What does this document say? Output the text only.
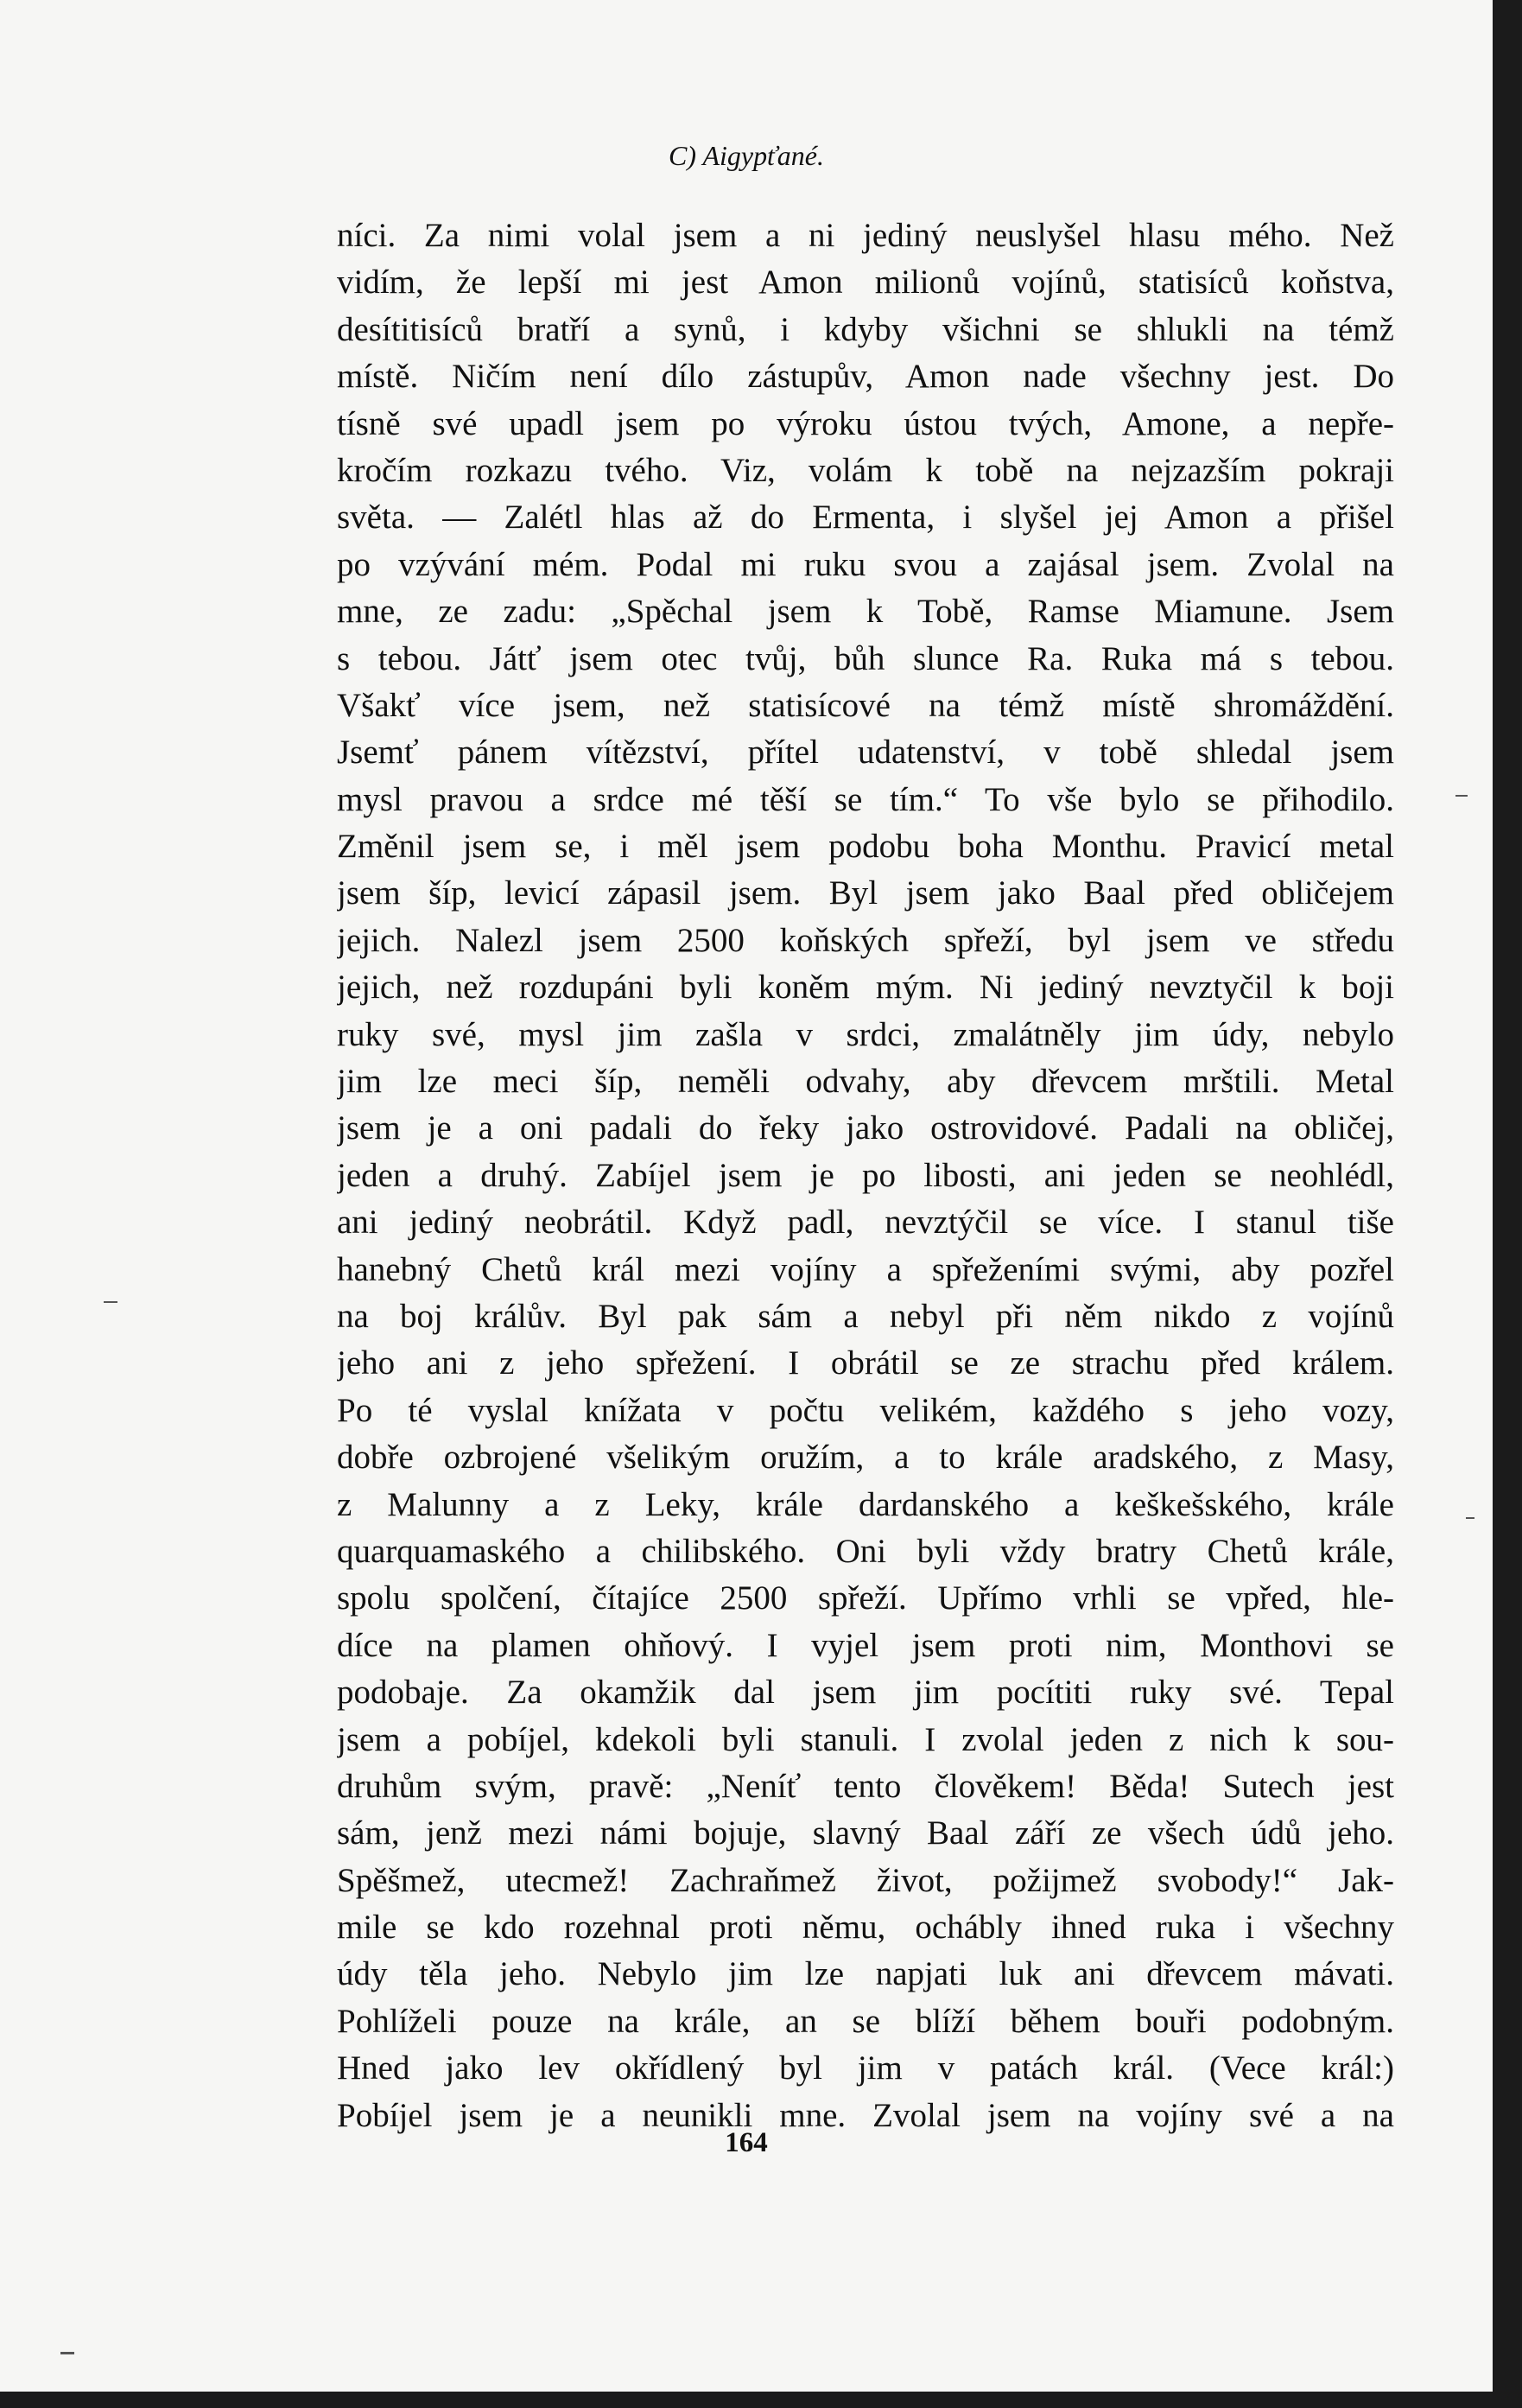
C) Aigypťané.
níci. Za nimi volal jsem a ni jediný neuslyšel hlasu mého. Než
vidím, že lepší mi jest Amon milionů vojínů, statisíců koňstva,
desítitisíců bratří a synů, i kdyby všichni se shlukli na témž
místě. Ničím není dílo zástupův, Amon nade všechny jest. Do
tísně své upadl jsem po výroku ústou tvých, Amone, a nepře-
kročím rozkazu tvého. Viz, volám k tobě na nejzazším pokraji
světa. — Zalétl hlas až do Ermenta, i slyšel jej Amon a přišel
po vzývání mém. Podal mi ruku svou a zajásal jsem. Zvolal na
mne, ze zadu: „Spěchal jsem k Tobě, Ramse Miamune. Jsem
s tebou. Játť jsem otec tvůj, bůh slunce Ra. Ruka má s tebou.
Všakť více jsem, než statisícové na témž místě shromáždění.
Jsemť pánem vítězství, přítel udatenství, v tobě shledal jsem
mysl pravou a srdce mé těší se tím.“ To vše bylo se přihodilo.
Změnil jsem se, i měl jsem podobu boha Monthu. Pravicí metal
jsem šíp, levicí zápasil jsem. Byl jsem jako Baal před obličejem
jejich. Nalezl jsem 2500 koňských spřeží, byl jsem ve středu
jejich, než rozdupáni byli koněm mým. Ni jediný nevztyčil k boji
ruky své, mysl jim zašla v srdci, zmalátněly jim údy, nebylo
jim lze meci šíp, neměli odvahy, aby dřevcem mrštili. Metal
jsem je a oni padali do řeky jako ostrovidové. Padali na obličej,
jeden a druhý. Zabíjel jsem je po libosti, ani jeden se neohlédl,
ani jediný neobrátil. Když padl, nevztýčil se více. I stanul tiše
hanebný Chetů král mezi vojíny a spřeženími svými, aby pozřel
na boj králův. Byl pak sám a nebyl při něm nikdo z vojínů
jeho ani z jeho spřežení. I obrátil se ze strachu před králem.
Po té vyslal knížata v počtu velikém, každého s jeho vozy,
dobře ozbrojené všelikým oružím, a to krále aradského, z Masy,
z Malunny a z Leky, krále dardanského a keškešského, krále
quarquamaského a chilibského. Oni byli vždy bratry Chetů krále,
spolu spolčení, čítajíce 2500 spřeží. Upřímo vrhli se vpřed, hle-
díce na plamen ohňový. I vyjel jsem proti nim, Monthovi se
podobaje. Za okamžik dal jsem jim pocítiti ruky své. Tepal
jsem a pobíjel, kdekoli byli stanuli. I zvolal jeden z nich k sou-
druhům svým, pravě: „Neníť tento člověkem! Běda! Sutech jest
sám, jenž mezi námi bojuje, slavný Baal září ze všech údů jeho.
Spěšmež, utecmež! Zachraňmež život, požijmež svobody!“ Jak-
mile se kdo rozehnal proti němu, ochábly ihned ruka i všechny
údy těla jeho. Nebylo jim lze napjati luk ani dřevcem mávati.
Pohlíželi pouze na krále, an se blíží během bouři podobným.
Hned jako lev okřídlený byl jim v patách král. (Vece král:)
Pobíjel jsem je a neunikli mne. Zvolal jsem na vojíny své a na
164
